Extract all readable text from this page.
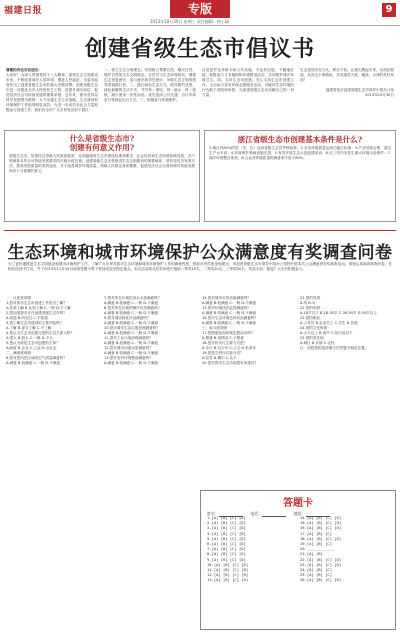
福建日报	专版
2013年10月30日 星期三 责任编辑：林小瑜
9
创建省级生态市倡议书
尊敬的各位市民朋友：
大家好！为深入贯彻党的十八大精神，加快生态文明建设步伐，不断改善城乡人居环境，增进人民福祉，市委市政府作出了创建省级生态市的重大决策部署。创建省级生态市是一项惠及全市人民的民生工程，是提升城市品位、促进经济社会可持续发展的重要举措。近年来，我市坚持以科学发展观为统领，大力实施生态立市战略，生态建设和环境保护工作取得明显成效。为进一步动员全社会力量积极参与创建工作，我们向全市广大市民发出如下倡议：
一、树立生态文明理念。牢固树立尊重自然、顺应自然、保护自然的生态文明理念，自觉学习生态环保知识，增强生态忧患意识、参与意识和责任意识，争做生态文明的倡导者和践行者。二、践行绿色生活方式。倡导简约适度、绿色低碳的生活方式，节约每一度电、每一滴水、每一张纸，减少使用一次性用品，优先选择公共交通、自行车和步行等绿色出行方式。三、积极参与环境保护。
自觉爱护花草树木和公共设施，不乱扔垃圾、不随地吐痰，积极参与义务植树和环境整治活动，共同维护城乡环境卫生。四、支持生态市创建。关心支持生态市创建工作，主动参与各类环保志愿服务活动，对破坏生态环境的行为敢于劝阻和举报，为创建省级生态市贡献自己的一份力量。
生态建设功在当代、利在千秋。让我们携起手来，从现在做起，从身边小事做起，共同建设天蓝、地绿、水净的美好家园！

福建省某市创建省级生态市领导小组办公室
2013年10月30日
什么是省级生态市?
创建有何意义作用?
省级生态市，是指经过省级人民政府批准，达到福建省生态市建设标准和要求，社会经济和生态环境协调发展，各个领域基本符合可持续发展要求的市级行政区域。创建省级生态市是推进生态文明建设的重要载体，是转变经济发展方式、提高发展质量的有效途径，对于改善城乡环境质量、保障人民群众身体健康、促进经济社会全面协调可持续发展具有十分重要的意义。
浙江省级生态市创建基本条件是什么?
1.辖区内80%的县（市、区）达到省级生态县考核标准；2.全市环境质量达到功能区标准；3.产业结构合理，清洁生产水平高；4.环境保护基础设施完善；5.有效开展生态示范创建活动；6.近三年内未发生重大环境污染事件；7.城乡环境整洁优美；8.公众对环境质量的满意率不低于85%。
生态环境和城市环境保护公众满意度有奖调查问卷
为了更好地推进生态文明建设和城市环境保护工作，了解广大市民对我市生态环境和城市环境保护工作的满意程度，听取市民的意见和建议，市创建省级生态市领导小组办公室特开展本次公众满意度有奖调查活动。请您认真阅读调查问卷，在相应选项中打勾，并于2013年11月15日前将答题卡剪下寄回或送至指定地点。本次活动将从有效问卷中抽取一等奖10名、二等奖20名、三等奖50名，奖品丰厚，欢迎广大市民积极参与。
一、认知度调查
1.您对我市生态市创建工作是否了解？
A.非常了解 B.比较了解 C.一般 D.不了解
2.您知道我市正在创建省级生态市吗？
A.知道 B.听说过 C.不知道
3.您了解生态市建设的主要内容吗？
A.了解 B.部分了解 C.不了解
4.您认为生态市创建与您的生活关系大吗？
A.很大 B.较大 C.一般 D.不大
5.您认为谁是生态市创建的主体？
A.政府 B.企业 C.公众 D.全社会
二、满意度调查
6.您对您所在区域的空气质量满意吗？
A.满意 B.较满意 C.一般 D.不满意
7.您对所在区域饮用水水质满意吗？
A.满意 B.较满意 C.一般 D.不满意
8.您对所在区域的噪声状况满意吗？
A.满意 B.较满意 C.一般 D.不满意
9.您对城市绿化状况满意吗？
A.满意 B.较满意 C.一般 D.不满意
10.您对城市生活垃圾处理满意吗？
A.满意 B.较满意 C.一般 D.不满意
11.您对工业污染治理满意吗？
A.满意 B.较满意 C.一般 D.不满意
12.您对城市河道水质满意吗？
A.满意 B.较满意 C.一般 D.不满意
13.您对农村环境整治满意吗？
A.满意 B.较满意 C.一般 D.不满意
14.您对城市市容市貌满意吗？
A.满意 B.较满意 C.一般 D.不满意
15.您对环境执法监管满意吗？
A.满意 B.较满意 C.一般 D.不满意
16.您对生态环境总体状况满意吗？
A.满意 B.较满意 C.一般 D.不满意
三、参与度调查
17.您愿意参加环保志愿活动吗？
A.愿意 B.视情况 C.不愿意
18.您平时出行主要方式是？
A.步行 B.自行车 C.公交 D.私家车
19.您是否进行垃圾分类？
A.经常 B.偶尔 C.从不
20.您对我市生态市创建有何建议？
21.您的性别：
A.男 B.女
22.您的年龄：
A.18岁以下 B.18-35岁 C.36-50岁 D.50岁以上
23.您的职业：
A.公务员 B.企业员工 C.学生 D.其他
24.您的文化程度：
A.大专以上 B.高中 C.初中及以下
25.您的居住地：
A.城区 B.乡镇 C.农村
注：请将您的选择填写在答题卡相应位置。
答题卡
姓名：	电话：	地址：
1.[A] [B] [C] [D]
2.[A] [B] [C] [D]
3.[A] [B] [C] [D]
4.[A] [B] [C] [D]
5.[A] [B] [C] [D]
6.[A] [B] [C] [D]
7.[A] [B] [C] [D]
8.[A] [B] [C] [D]
9.[A] [B] [C] [D]
10.[A] [B] [C] [D]
11.[A] [B] [C] [D]
12.[A] [B] [C] [D]
13.[A] [B] [C] [D]
14.[A] [B] [C] [D]
15.[A] [B] [C] [D]
16.[A] [B] [C] [D]
17.[A] [B] [C]
18.[A] [B] [C] [D]
19.[A] [B] [C]
20.____________
21.[A] [B]
22.[A] [B] [C] [D]
23.[A] [B] [C] [D]
24.[A] [B] [C]
25.[A] [B] [C]
26.[A] [B] [C] [D]
